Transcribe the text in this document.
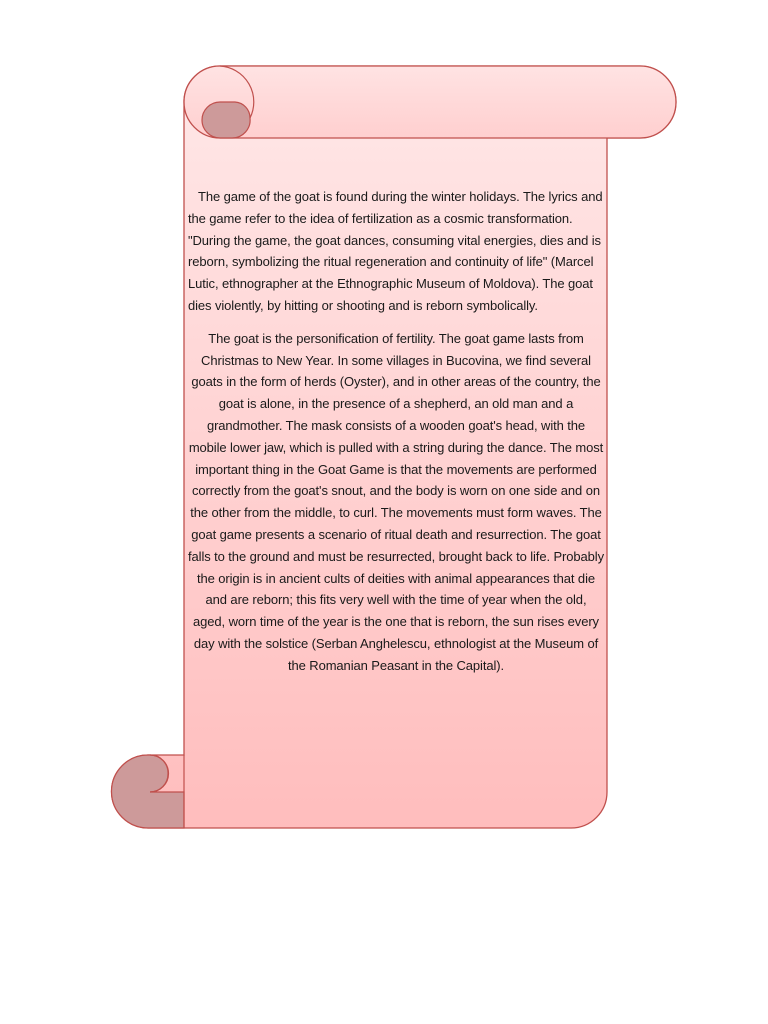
The game of the goat is found during the winter holidays. The lyrics and the game refer to the idea of fertilization as a cosmic transformation. "During the game, the goat dances, consuming vital energies, dies and is reborn, symbolizing the ritual regeneration and continuity of life" (Marcel Lutic, ethnographer at the Ethnographic Museum of Moldova). The goat dies violently, by hitting or shooting and is reborn symbolically.

The goat is the personification of fertility. The goat game lasts from Christmas to New Year. In some villages in Bucovina, we find several goats in the form of herds (Oyster), and in other areas of the country, the goat is alone, in the presence of a shepherd, an old man and a grandmother. The mask consists of a wooden goat's head, with the mobile lower jaw, which is pulled with a string during the dance. The most important thing in the Goat Game is that the movements are performed correctly from the goat's snout, and the body is worn on one side and on the other from the middle, to curl. The movements must form waves. The goat game presents a scenario of ritual death and resurrection. The goat falls to the ground and must be resurrected, brought back to life. Probably the origin is in ancient cults of deities with animal appearances that die and are reborn; this fits very well with the time of year when the old, aged, worn time of the year is the one that is reborn, the sun rises every day with the solstice (Serban Anghelescu, ethnologist at the Museum of the Romanian Peasant in the Capital).
